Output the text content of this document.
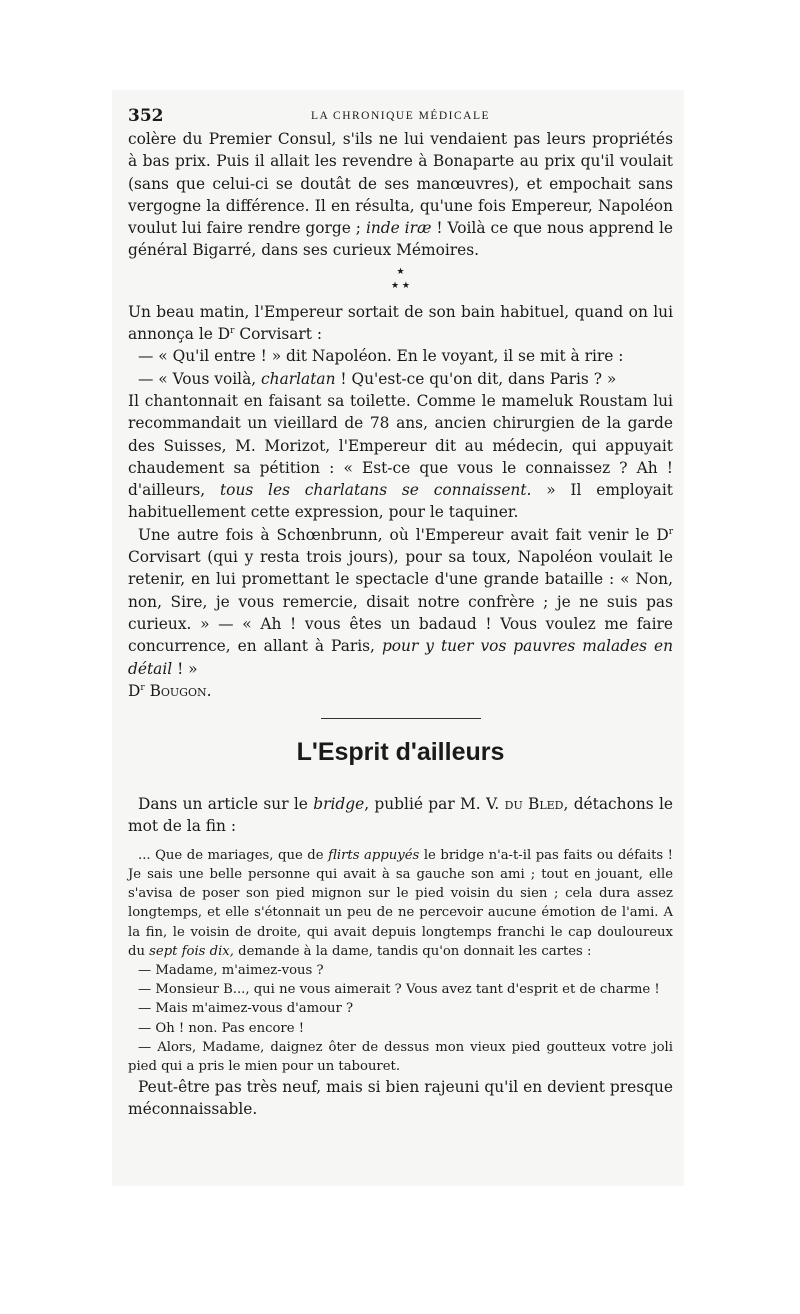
352	LA CHRONIQUE MÉDICALE

colère du Premier Consul, s'ils ne lui vendaient pas leurs propriétés à bas prix. Puis il allait les revendre à Bonaparte au prix qu'il voulait (sans que celui-ci se doutât de ses manœuvres), et empochait sans vergogne la différence. Il en résulta, qu'une fois Empereur, Napoléon voulut lui faire rendre gorge ; inde iræ ! Voilà ce que nous apprend le général Bigarré, dans ses curieux Mémoires.

★
★ ★

Un beau matin, l'Empereur sortait de son bain habituel, quand on lui annonça le $D^r$ Corvisart :

— « Qu'il entre ! » dit Napoléon. En le voyant, il se mit à rire :

— « Vous voilà, charlatan ! Qu'est-ce qu'on dit, dans Paris ? »

Il chantonnait en faisant sa toilette. Comme le mameluk Roustam lui recommandait un vieillard de 78 ans, ancien chirurgien de la garde des Suisses, M. Morizot, l'Empereur dit au médecin, qui appuyait chaudement sa pétition : « Est-ce que vous le connaissez ? Ah ! d'ailleurs, tous les charlatans se connaissent. » Il employait habituellement cette expression, pour le taquiner.

Une autre fois à Schœnbrunn, où l'Empereur avait fait venir le $D^r$ Corvisart (qui y resta trois jours), pour sa toux, Napoléon voulait le retenir, en lui promettant le spectacle d'une grande bataille : « Non, non, Sire, je vous remercie, disait notre confrère ; je ne suis pas curieux. » — « Ah ! vous êtes un badaud ! Vous voulez me faire concurrence, en allant à Paris, pour y tuer vos pauvres malades en détail ! »

$D^r$ Bougon.

L'Esprit d'ailleurs

Dans un article sur le bridge, publié par M. V. du Bled, détachons le mot de la fin :

... Que de mariages, que de flirts appuyés le bridge n'a-t-il pas faits ou défaits ! Je sais une belle personne qui avait à sa gauche son ami ; tout en jouant, elle s'avisa de poser son pied mignon sur le pied voisin du sien ; cela dura assez longtemps, et elle s'étonnait un peu de ne percevoir aucune émotion de l'ami. A la fin, le voisin de droite, qui avait depuis longtemps franchi le cap douloureux du sept fois dix, demande à la dame, tandis qu'on donnait les cartes :

— Madame, m'aimez-vous ?

— Monsieur B..., qui ne vous aimerait ? Vous avez tant d'esprit et de charme !

— Mais m'aimez-vous d'amour ?

— Oh ! non. Pas encore !

— Alors, Madame, daignez ôter de dessus mon vieux pied goutteux votre joli pied qui a pris le mien pour un tabouret.

Peut-être pas très neuf, mais si bien rajeuni qu'il en devient presque méconnaissable.
